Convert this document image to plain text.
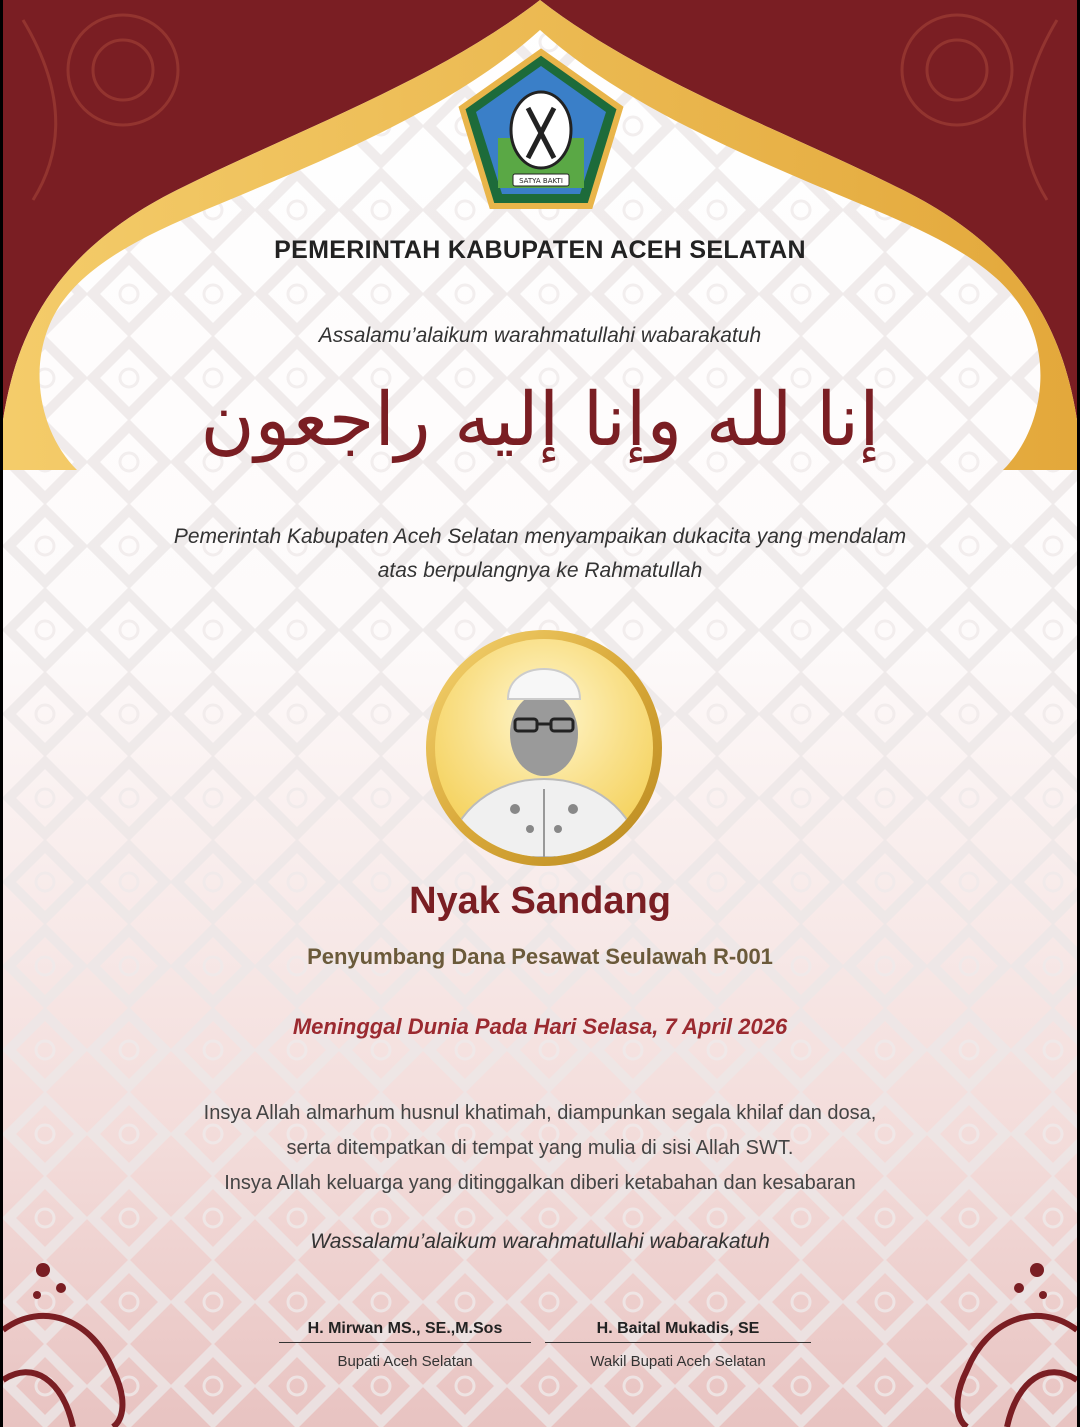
SATYA BAKTI
PEMERINTAH KABUPATEN ACEH SELATAN
Assalamu’alaikum warahmatullahi wabarakatuh
إنا لله وإنا إليه راجعون
Pemerintah Kabupaten Aceh Selatan menyampaikan dukacita yang mendalam
atas berpulangnya ke Rahmatullah
Nyak Sandang
Penyumbang Dana Pesawat Seulawah R-001
Meninggal Dunia Pada Hari Selasa, 7 April 2026
Insya Allah almarhum husnul khatimah, diampunkan segala khilaf dan dosa,
serta ditempatkan di tempat yang mulia di sisi Allah SWT.
Insya Allah keluarga yang ditinggalkan diberi ketabahan dan kesabaran
Wassalamu’alaikum warahmatullahi wabarakatuh
H. Mirwan MS., SE.,M.Sos
Bupati Aceh Selatan
H. Baital Mukadis, SE
Wakil Bupati Aceh Selatan
